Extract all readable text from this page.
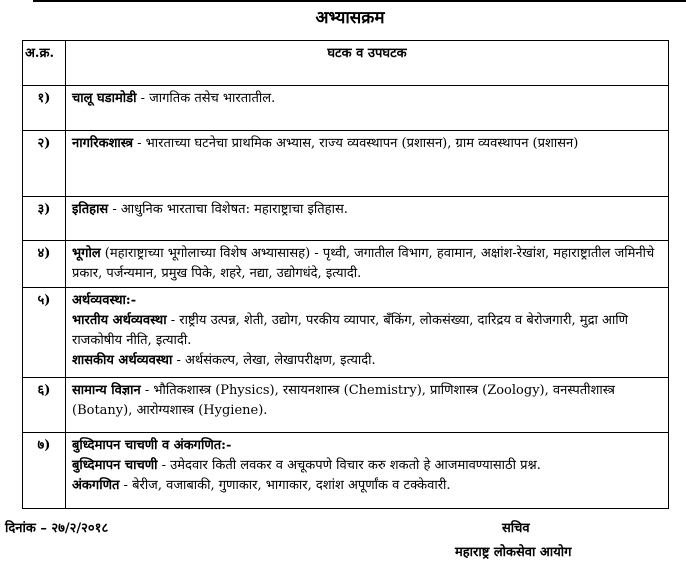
अभ्यासक्रम
अ.क्र.	घटक व उपघटक
१)	चालू घडामोडी - जागतिक तसेच भारतातील.

२)	नागरिकशास्त्र - भारताच्या घटनेचा प्राथमिक अभ्यास, राज्य व्यवस्थापन (प्रशासन), ग्राम व्यवस्थापन (प्रशासन)

३)	इतिहास - आधुनिक भारताचा विशेषत: महाराष्ट्राचा इतिहास.

४)	भूगोल (महाराष्ट्राच्या भूगोलाच्या विशेष अभ्यासासह) - पृथ्वी, जगातील विभाग, हवामान, अक्षांश-रेखांश, महाराष्ट्रातील जमिनीचे प्रकार, पर्जन्यमान, प्रमुख पिके, शहरे, नद्या, उद्योगधंदे, इत्यादी.

५)	अर्थव्यवस्था:-
भारतीय अर्थव्यवस्था - राष्ट्रीय उत्पन्न, शेती, उद्योग, परकीय व्यापार, बँकिंग, लोकसंख्या, दारिद्रय व बेरोजगारी, मुद्रा आणि राजकोषीय नीति, इत्यादी.
शासकीय अर्थव्यवस्था - अर्थसंकल्प, लेखा, लेखापरीक्षण, इत्यादी.

६)	सामान्य विज्ञान - भौतिकशास्त्र (Physics), रसायनशास्त्र (Chemistry), प्राणिशास्त्र (Zoology), वनस्पतीशास्त्र (Botany), आरोग्यशास्त्र (Hygiene).

७)	बुध्दिमापन चाचणी व अंकगणित:-
बुध्दिमापन चाचणी - उमेदवार किती लवकर व अचूकपणे विचार करु शकतो हे आजमावण्यासाठी प्रश्न.
अंकगणित - बेरीज, वजाबाकी, गुणाकार, भागाकार, दशांश अपूर्णांक व टक्केवारी.
दिनांक – २७/२/२०१८	सचिव
महाराष्ट्र लोकसेवा आयोग
